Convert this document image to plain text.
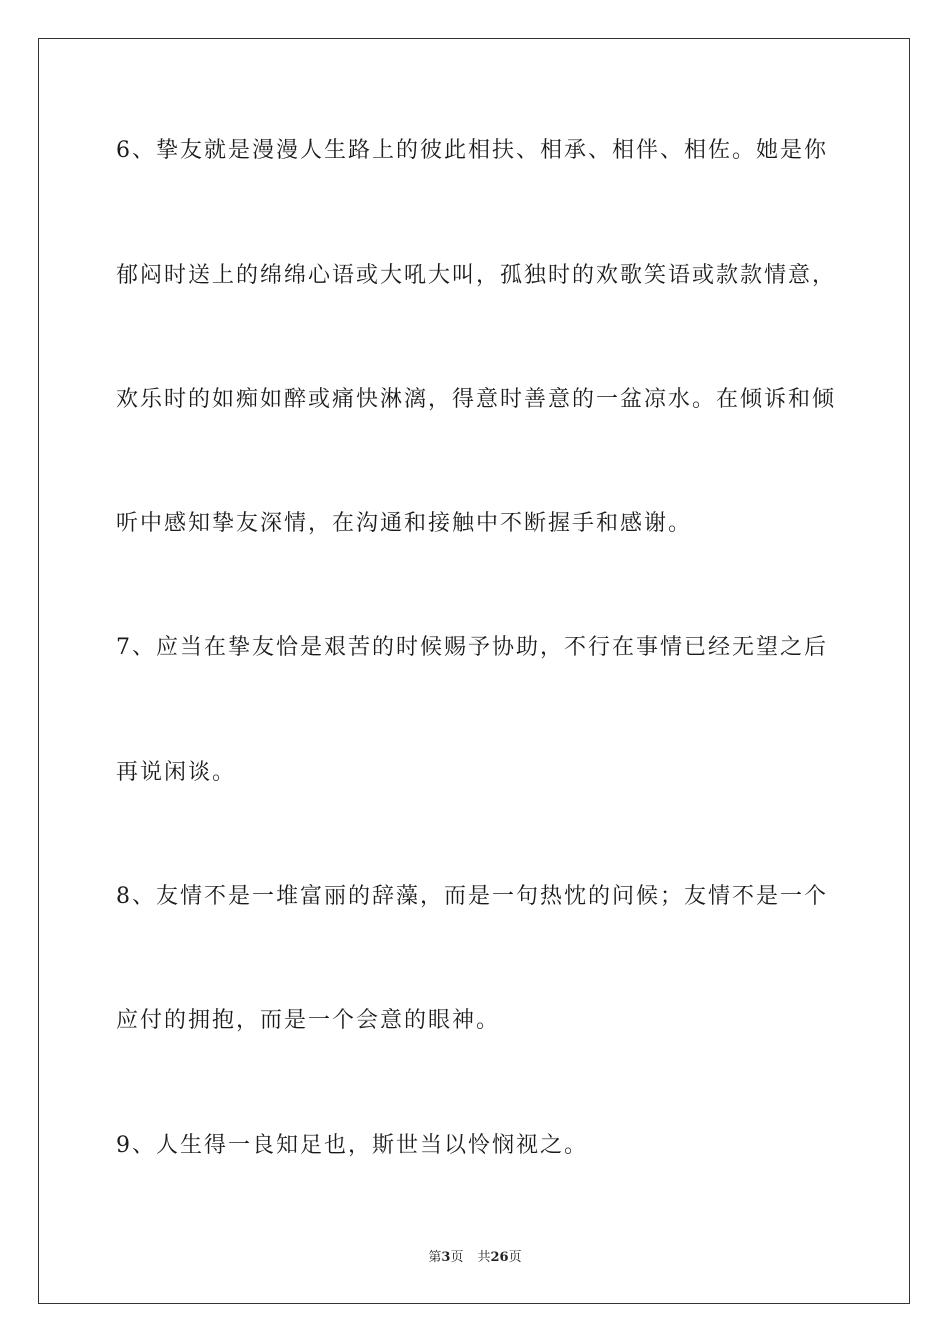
6、挚友就是漫漫人生路上的彼此相扶、相承、相伴、相佐。她是你
郁闷时送上的绵绵心语或大吼大叫，孤独时的欢歌笑语或款款情意，
欢乐时的如痴如醉或痛快淋漓，得意时善意的一盆凉水。在倾诉和倾
听中感知挚友深情，在沟通和接触中不断握手和感谢。
7、应当在挚友恰是艰苦的时候赐予协助，不行在事情已经无望之后
再说闲谈。
8、友情不是一堆富丽的辞藻，而是一句热忱的问候；友情不是一个
应付的拥抱，而是一个会意的眼神。
9、人生得一良知足也，斯世当以怜悯视之。
第3页 共26页
